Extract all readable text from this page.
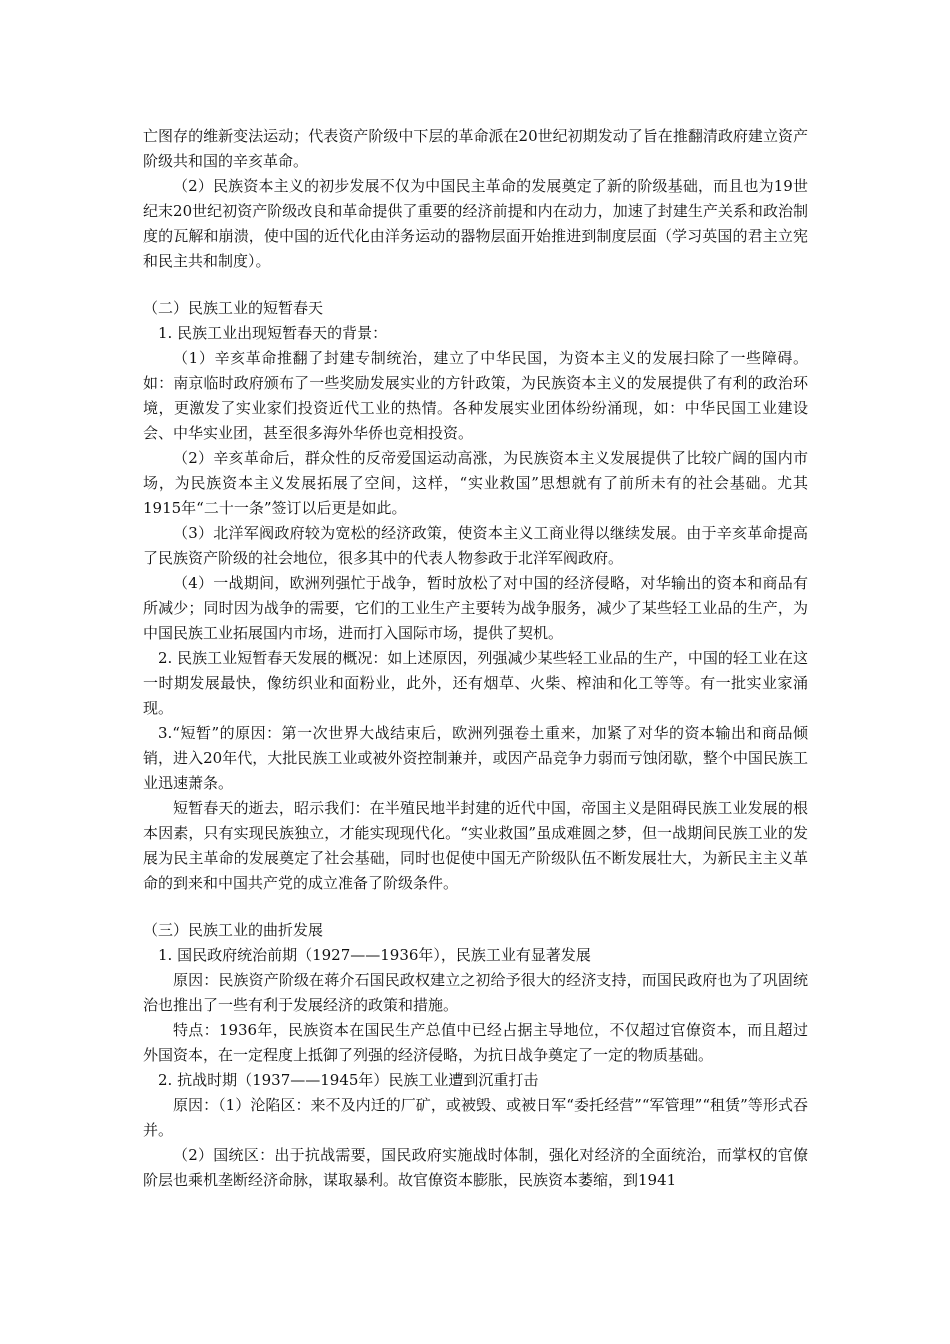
亡图存的维新变法运动；代表资产阶级中下层的革命派在20世纪初期发动了旨在推翻清政府建立资产阶级共和国的辛亥革命。

（2）民族资本主义的初步发展不仅为中国民主革命的发展奠定了新的阶级基础，而且也为19世纪末20世纪初资产阶级改良和革命提供了重要的经济前提和内在动力，加速了封建生产关系和政治制度的瓦解和崩溃，使中国的近代化由洋务运动的器物层面开始推进到制度层面（学习英国的君主立宪和民主共和制度）。

（二）民族工业的短暂春天

1. 民族工业出现短暂春天的背景：

（1）辛亥革命推翻了封建专制统治，建立了中华民国，为资本主义的发展扫除了一些障碍。如：南京临时政府颁布了一些奖励发展实业的方针政策，为民族资本主义的发展提供了有利的政治环境，更激发了实业家们投资近代工业的热情。各种发展实业团体纷纷涌现，如：中华民国工业建设会、中华实业团，甚至很多海外华侨也竞相投资。

（2）辛亥革命后，群众性的反帝爱国运动高涨，为民族资本主义发展提供了比较广阔的国内市场，为民族资本主义发展拓展了空间，这样，“实业救国”思想就有了前所未有的社会基础。尤其1915年“二十一条”签订以后更是如此。

（3）北洋军阀政府较为宽松的经济政策，使资本主义工商业得以继续发展。由于辛亥革命提高了民族资产阶级的社会地位，很多其中的代表人物参政于北洋军阀政府。

（4）一战期间，欧洲列强忙于战争，暂时放松了对中国的经济侵略，对华输出的资本和商品有所减少；同时因为战争的需要，它们的工业生产主要转为战争服务，减少了某些轻工业品的生产，为中国民族工业拓展国内市场，进而打入国际市场，提供了契机。

2. 民族工业短暂春天发展的概况：如上述原因，列强减少某些轻工业品的生产，中国的轻工业在这一时期发展最快，像纺织业和面粉业，此外，还有烟草、火柴、榨油和化工等等。有一批实业家涌现。

3.“短暂”的原因：第一次世界大战结束后，欧洲列强卷土重来，加紧了对华的资本输出和商品倾销，进入20年代，大批民族工业或被外资控制兼并，或因产品竞争力弱而亏蚀闭歇，整个中国民族工业迅速萧条。

短暂春天的逝去，昭示我们：在半殖民地半封建的近代中国，帝国主义是阻碍民族工业发展的根本因素，只有实现民族独立，才能实现现代化。“实业救国”虽成难圆之梦，但一战期间民族工业的发展为民主革命的发展奠定了社会基础，同时也促使中国无产阶级队伍不断发展壮大，为新民主主义革命的到来和中国共产党的成立准备了阶级条件。

（三）民族工业的曲折发展

1. 国民政府统治前期（1927——1936年），民族工业有显著发展

原因：民族资产阶级在蒋介石国民政权建立之初给予很大的经济支持，而国民政府也为了巩固统治也推出了一些有利于发展经济的政策和措施。

特点：1936年，民族资本在国民生产总值中已经占据主导地位，不仅超过官僚资本，而且超过外国资本，在一定程度上抵御了列强的经济侵略，为抗日战争奠定了一定的物质基础。

2. 抗战时期（1937——1945年）民族工业遭到沉重打击

原因：（1）沦陷区：来不及内迁的厂矿，或被毁、或被日军“委托经营”“军管理”“租赁”等形式吞并。

（2）国统区：出于抗战需要，国民政府实施战时体制，强化对经济的全面统治，而掌权的官僚阶层也乘机垄断经济命脉，谋取暴利。故官僚资本膨胀，民族资本萎缩，到1941
